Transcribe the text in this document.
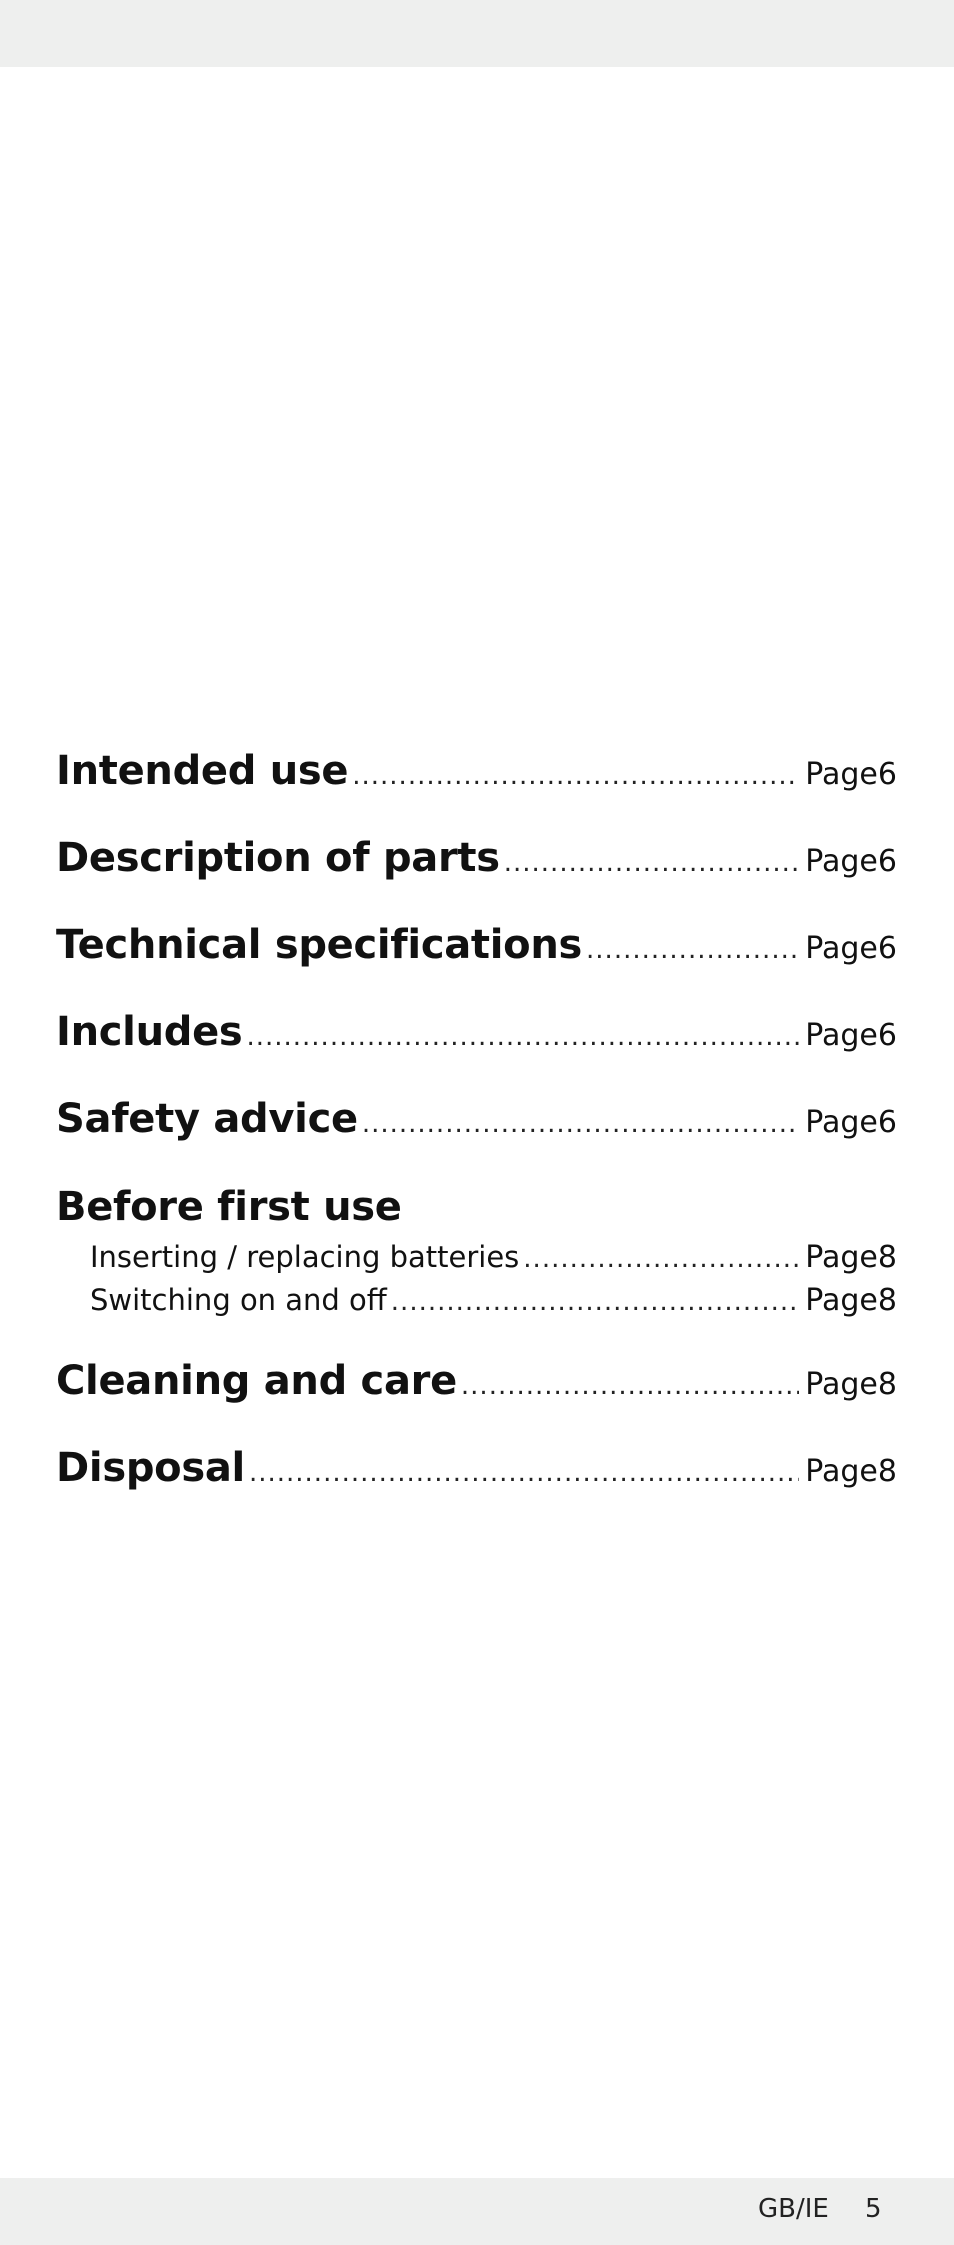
Intended use .....	Page 6
Description of parts .....	Page 6
Technical specifications .....	Page 6
Includes .....	Page 6
Safety advice .....	Page 6
Before first use
Inserting / replacing batteries .....	Page 8
Switching on and off .....	Page 8
Cleaning and care .....	Page 8
Disposal .....	Page 8
GB/IE 5
